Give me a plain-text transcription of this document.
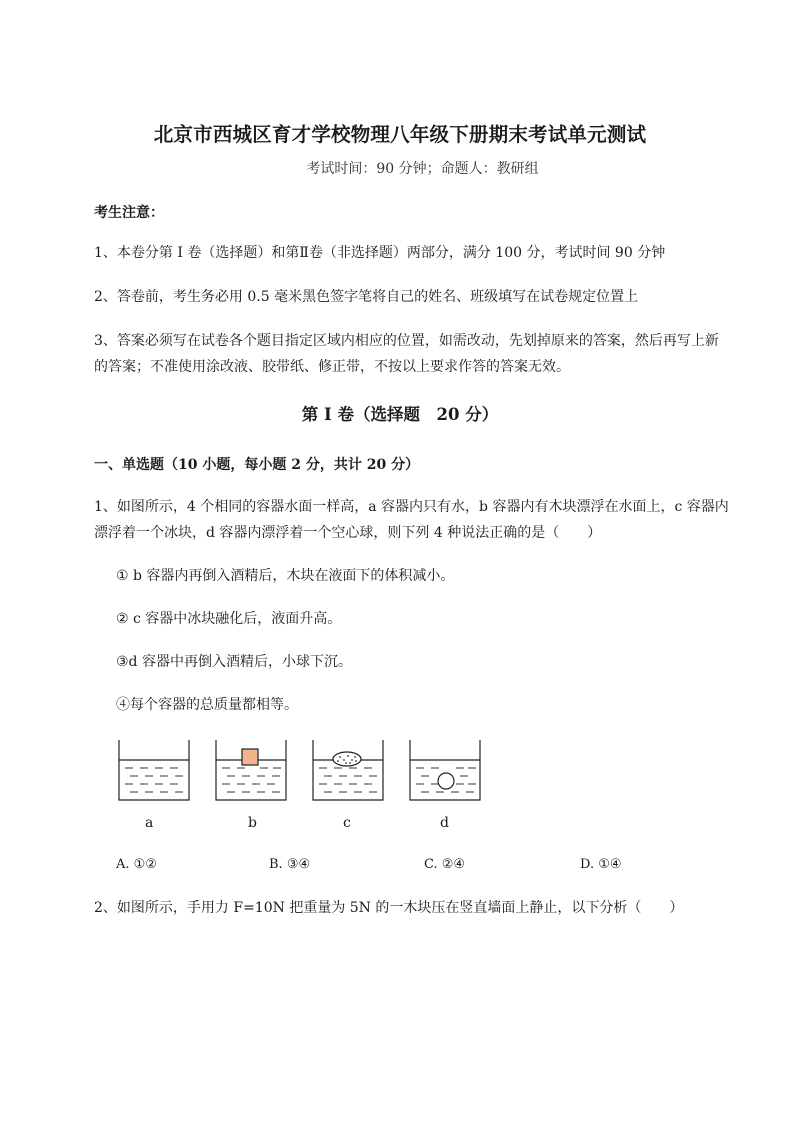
北京市西城区育才学校物理八年级下册期末考试单元测试
考试时间：90 分钟；命题人：教研组
考生注意：
1、本卷分第 I 卷（选择题）和第Ⅱ卷（非选择题）两部分，满分 100 分，考试时间 90 分钟
2、答卷前，考生务必用 0.5 毫米黑色签字笔将自己的姓名、班级填写在试卷规定位置上
3、答案必须写在试卷各个题目指定区域内相应的位置，如需改动，先划掉原来的答案，然后再写上新
的答案；不准使用涂改液、胶带纸、修正带，不按以上要求作答的答案无效。
第 I 卷（选择题　20 分）
一、单选题（10 小题，每小题 2 分，共计 20 分）
1、如图所示，4 个相同的容器水面一样高，a 容器内只有水，b 容器内有木块漂浮在水面上，c 容器内
漂浮着一个冰块，d 容器内漂浮着一个空心球，则下列 4 种说法正确的是（　　）
① b 容器内再倒入酒精后，木块在液面下的体积减小。
② c 容器中冰块融化后，液面升高。
③d 容器中再倒入酒精后，小球下沉。
④每个容器的总质量都相等。
a	b	c	d
A. ①②	B. ③④	C. ②④	D. ①④
2、如图所示，手用力 F=10N 把重量为 5N 的一木块压在竖直墙面上静止，以下分析（　　）
